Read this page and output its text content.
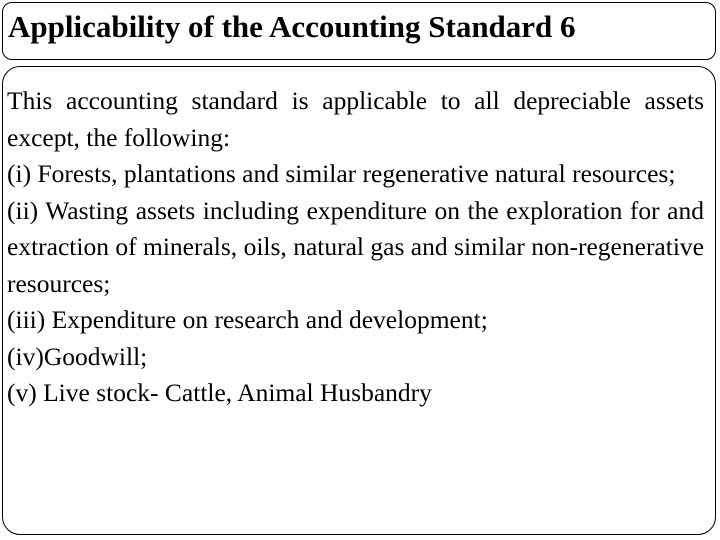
Applicability of the Accounting Standard 6

This accounting standard is applicable to all depreciable assets except, the following:

(i) Forests, plantations and similar regenerative natural resources;

(ii) Wasting assets including expenditure on the exploration for and extraction of minerals, oils, natural gas and similar non-regenerative resources;

(iii) Expenditure on research and development;

(iv)Goodwill;

(v) Live stock- Cattle, Animal Husbandry
